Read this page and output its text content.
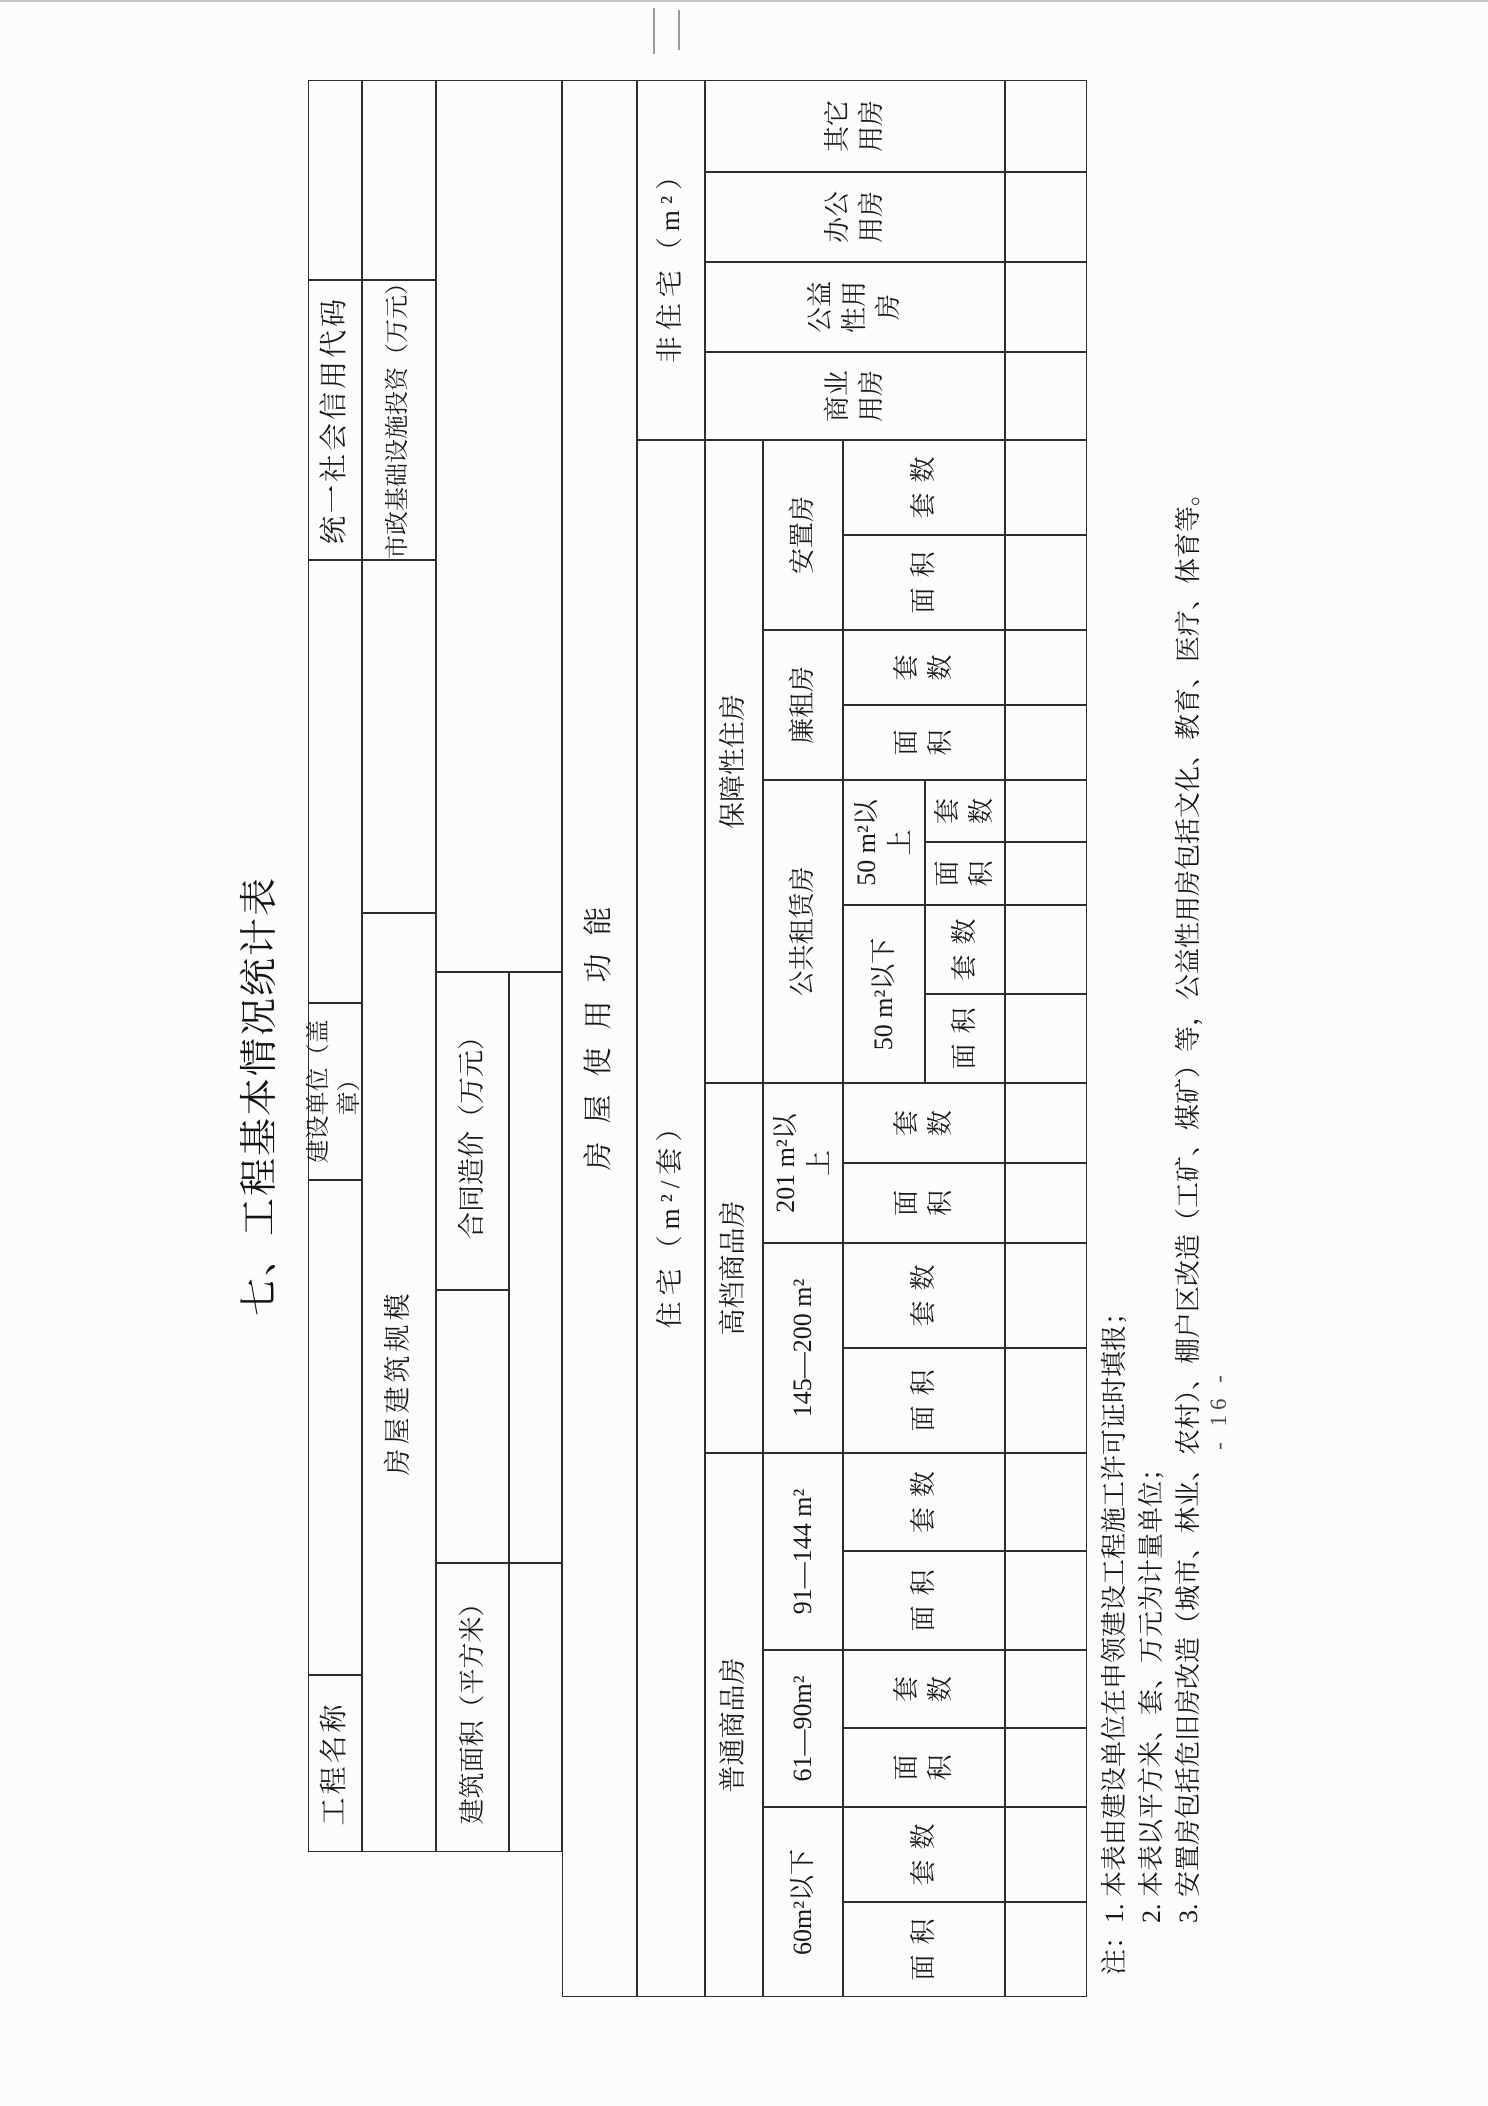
七、工程基本情况统计表
工程名称
建设单位（盖章）
统一社会信用代码
房屋建筑规模
市政基础设施投资（万元）
建筑面积（平方米）
合同造价（万元）	房屋使用功能
住宅（m²/套）
非住宅（m²）
普通商品房
高档商品房
保障性住房
商业用房
公益性用房
办公用房
其它用房
60m²以下
61—90m²
91—144 m²
145—200 m²
201 m²以上
公共租赁房
廉租房
安置房
50 m²以下
50 m²以上
面积
套数
面积
套数
面积
套数
面积
套数
面积
套数
面积
套数
面积
套数
面积
套数
面积
套数
注：1. 本表由建设单位在申领建设工程施工许可证时填报； 2. 本表以平方米、套、万元为计量单位； 3. 安置房包括危旧房改造（城市、林业、农村）、棚户区改造（工矿、煤矿）等，公益性用房包括文化、教育、医疗、体育等。 - 16 -
